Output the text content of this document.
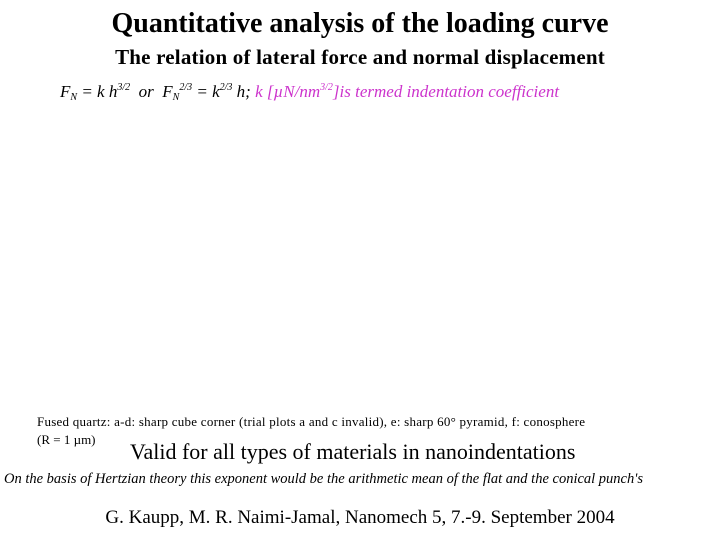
Quantitative analysis of the loading curve
The relation of lateral force and normal displacement
$F_N = k$ $h^{3/2}$  or  $F_N^{2/3} = k^{2/3}$ h; k $[\mu N/nm^{3/2}]is$ termed indentation coefficient
Fused quartz: a-d: sharp cube corner (trial plots a and c invalid), e: sharp 60° pyramid, f: conosphere
(R = 1 µm) Valid for all types of materials in nanoindentations
On the basis of Hertzian theory this exponent would be the arithmetic mean of the flat and the conical punch's
G. Kaupp, M. R. Naimi-Jamal, Nanomech 5, 7.-9. September 2004
